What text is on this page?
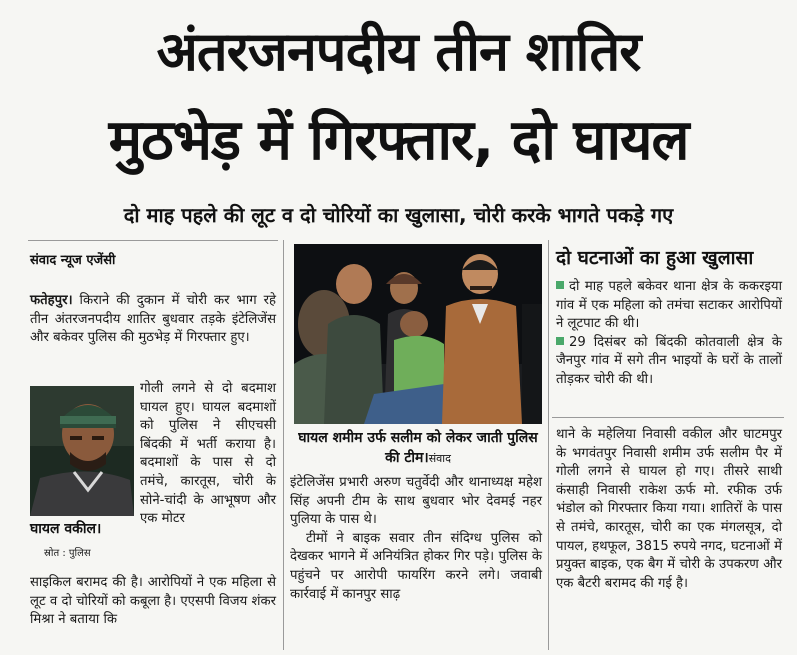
अंतरजनपदीय तीन शातिर
मुठभेड़ में गिरफ्तार, दो घायल
दो माह पहले की लूट व दो चोरियों का खुलासा, चोरी करके भागते पकड़े गए
संवाद न्यूज एजेंसी

फतेहपुर। किराने की दुकान में चोरी कर भाग रहे तीन अंतरजनपदीय शातिर बुधवार तड़के इंटेलिजेंस और बकेवर पुलिस की मुठभेड़ में गिरफ्तार हुए।

गोली लगने से दो बदमाश घायल हुए। घायल बदमाशों को पुलिस ने सीएचसी बिंदकी में भर्ती कराया है। बदमाशों के पास से दो तमंचे, कारतूस, चोरी के सोने-चांदी के आभूषण और एक मोटर

घायल वकील।
स्रोत : पुलिस

साइकिल बरामद की है। आरोपियों ने एक महिला से लूट व दो चोरियों को कबूला है। एएसपी विजय शंकर मिश्रा ने बताया कि

घायल शमीम उर्फ सलीम को लेकर जाती पुलिस की टीम।संवाद

इंटेलिजेंस प्रभारी अरुण चतुर्वेदी और थानाध्यक्ष महेश सिंह अपनी टीम के साथ बुधवार भोर देवमई नहर पुलिया के पास थे।

टीमों ने बाइक सवार तीन संदिग्ध पुलिस को देखकर भागने में अनियंत्रित होकर गिर पड़े। पुलिस के पहुंचने पर आरोपी फायरिंग करने लगे। जवाबी कार्रवाई में कानपुर साढ़

दो घटनाओं का हुआ खुलासा

दो माह पहले बकेवर थाना क्षेत्र के ककरइया गांव में एक महिला को तमंचा सटाकर आरोपियों ने लूटपाट की थी।

29 दिसंबर को बिंदकी कोतवाली क्षेत्र के जैनपुर गांव में सगे तीन भाइयों के घरों के तालों तोड़कर चोरी की थी।

थाने के महेलिया निवासी वकील और घाटमपुर के भगवंतपुर निवासी शमीम उर्फ सलीम पैर में गोली लगने से घायल हो गए। तीसरे साथी कंसाही निवासी राकेश ऊर्फ मो. रफीक उर्फ भंडोल को गिरफ्तार किया गया। शातिरों के पास से तमंचे, कारतूस, चोरी का एक मंगलसूत्र, दो पायल, हथफूल, 3815 रुपये नगद, घटनाओं में प्रयुक्त बाइक, एक बैग में चोरी के उपकरण और एक बैटरी बरामद की गई है।
